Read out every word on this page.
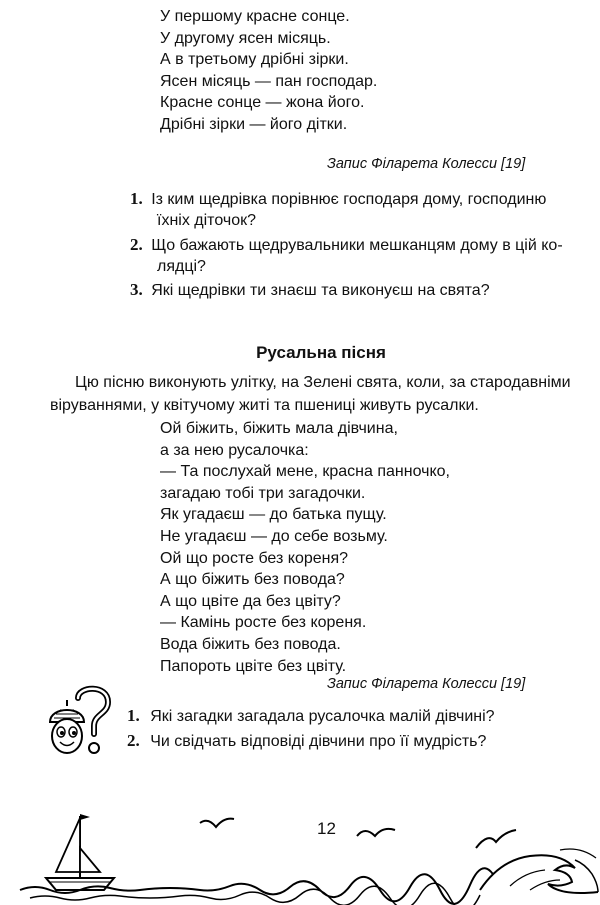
У першому красне сонце.
У другому ясен місяць.
А в третьому дрібні зірки.
Ясен місяць — пан господар.
Красне сонце — жона його.
Дрібні зірки — його дітки.
Запис Філарета Колесси [19]
1. Із ким щедрівка порівнює господаря дому, господиню
їхніх діточок?
2. Що бажають щедрувальники мешканцям дому в цій ко-
лядці?
3. Які щедрівки ти знаєш та виконуєш на свята?
Русальна пісня
Цю пісню виконують улітку, на Зелені свята, коли, за стародавніми
віруваннями, у квітучому житі та пшениці живуть русалки.
Ой біжить, біжить мала дівчина,
а за нею русалочка:
— Та послухай мене, красна панночко,
загадаю тобі три загадочки.
Як угадаєш — до батька пущу.
Не угадаєш — до себе возьму.
Ой що росте без кореня?
А що біжить без повода?
А що цвіте да без цвіту?
— Камінь росте без кореня.
Вода біжить без повода.
Папороть цвіте без цвіту.
Запис Філарета Колесси [19]
1. Які загадки загадала русалочка малій дівчині?
2. Чи свідчать відповіді дівчини про її мудрість?
12
